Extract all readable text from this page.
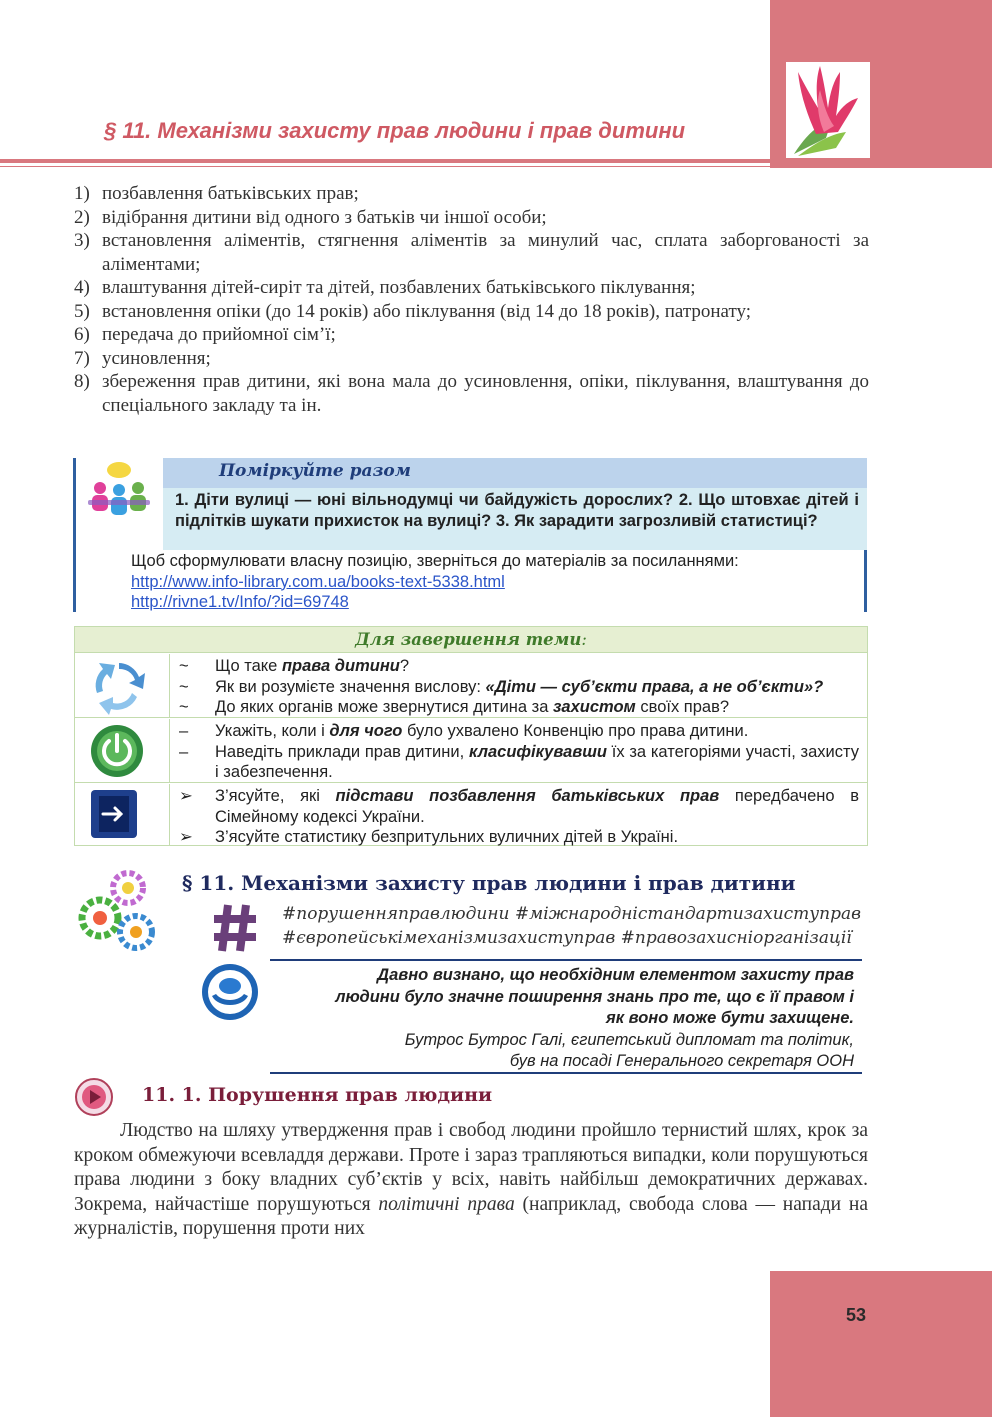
§ 11. Механізми захисту прав людини і прав дитини
1) позбавлення батьківських прав;
2) відібрання дитини від одного з батьків чи іншої особи;
3) встановлення аліментів, стягнення аліментів за минулий час, сплата заборгованості за аліментами;
4) влаштування дітей-сиріт та дітей, позбавлених батьківського піклування;
5) встановлення опіки (до 14 років) або піклування (від 14 до 18 років), патронату;
6) передача до прийомної сім’ї;
7) усиновлення;
8) збереження прав дитини, які вона мала до усиновлення, опіки, піклування, влаштування до спеціального закладу та ін.
Поміркуйте разом
1. Діти вулиці — юні вільнодумці чи байдужість дорослих? 2. Що штовхає дітей і підлітків шукати прихисток на вулиці? 3. Як зарадити загрозливій статистиці?
Щоб сформулювати власну позицію, зверніться до матеріалів за посиланнями:
http://www.info-library.com.ua/books-text-5338.html
http://rivne1.tv/Info/?id=69748
Для завершення теми:
~	Що таке права дитини?
~	Як ви розумієте значення вислову: «Діти — суб’єкти права, а не об’єкти»?
~	До яких органів може звернутися дитина за захистом своїх прав?
–	Укажіть, коли і для чого було ухвалено Конвенцію про права дитини.
–	Наведіть приклади прав дитини, класифікувавши їх за категоріями участі, захисту і забезпечення.
➢	З’ясуйте, які підстави позбавлення батьківських прав передбачено в Сімейному кодексі України.
➢	З’ясуйте статистику безпритульних вуличних дітей в Україні.
§ 11. Механізми захисту прав людини і прав дитини
#порушенняправлюдини #міжнароднiстандартизахиступрав
#європейськімеханізмизахиступрав #правозахисніорганізації
Давно визнано, що необхідним елементом захисту прав
людини було значне поширення знань про те, що є її правом і
як воно може бути захищене.
Бутрос Бутрос Галі, єгипетський дипломат та політик,
був на посаді Генерального секретаря ООН
11. 1. Порушення прав людини
Людство на шляху утвердження прав і свобод людини пройшло тернистий шлях, крок за кроком обмежуючи всевладдя держави. Проте і зараз трапляються випадки, коли порушуються права людини з боку владних суб’єктів у всіх, навіть найбільш демократичних державах. Зокрема, найчастіше порушуються політичні права (наприклад, свобода слова — напади на журналістів, порушення проти них
53
